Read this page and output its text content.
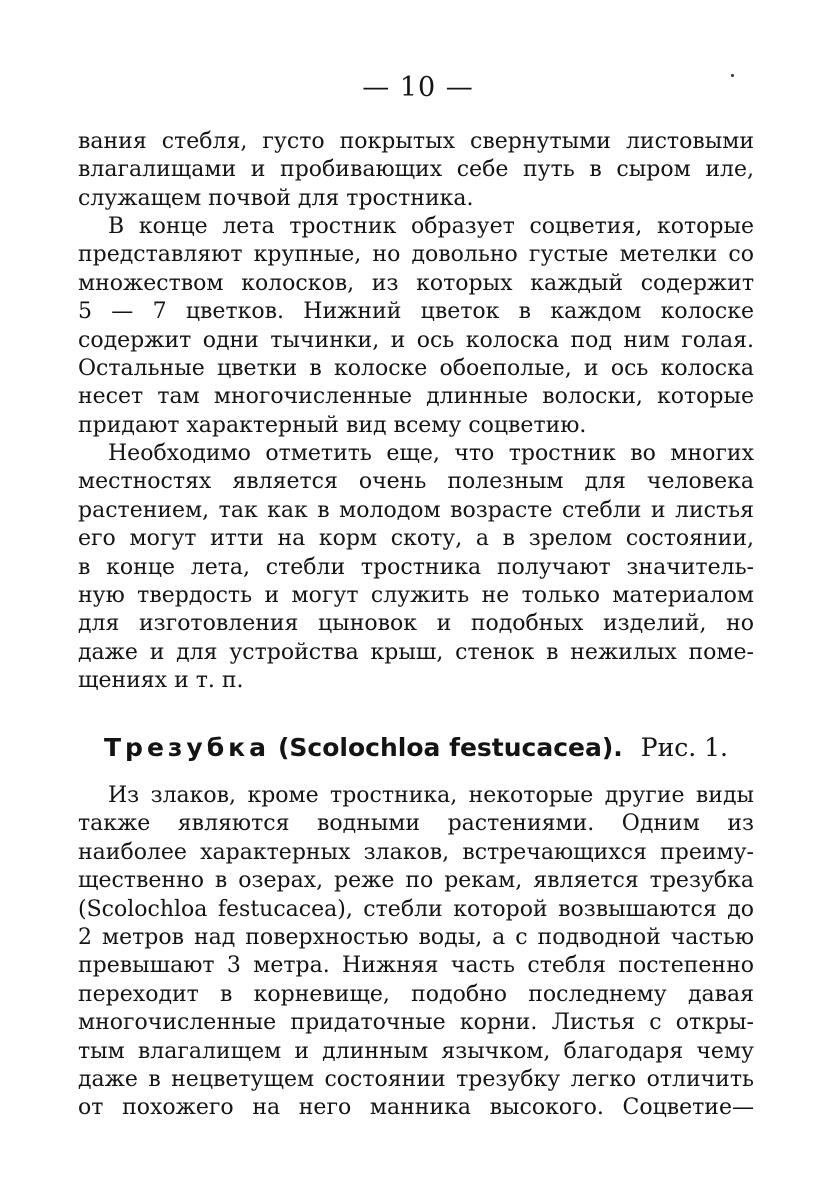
— 10 —
вания стебля, густо покрытых свернутыми листовыми
влагалищами и пробивающих себе путь в сыром иле,
служащем почвой для тростника.
В конце лета тростник образует соцветия, которые
представляют крупные, но довольно густые метелки со
множеством колосков, из которых каждый содержит
5 — 7 цветков. Нижний цветок в каждом колоске
содержит одни тычинки, и ось колоска под ним голая.
Остальные цветки в колоске обоеполые, и ось колоска
несет там многочисленные длинные волоски, которые
придают характерный вид всему соцветию.
Необходимо отметить еще, что тростник во многих
местностях является очень полезным для человека
растением, так как в молодом возрасте стебли и листья
его могут итти на корм скоту, а в зрелом состоянии,
в конце лета, стебли тростника получают значитель-
ную твердость и могут служить не только материалом
для изготовления цыновок и подобных изделий, но
даже и для устройства крыш, стенок в нежилых поме-
щениях и т. п.
Трезубка (Scolochloa festucacea). Рис. 1.
Из злаков, кроме тростника, некоторые другие виды
также являются водными растениями. Одним из
наиболее характерных злаков, встречающихся преиму-
щественно в озерах, реже по рекам, является трезубка
(Scolochloa festucacea), стебли которой возвышаются до
2 метров над поверхностью воды, а с подводной частью
превышают 3 метра. Нижняя часть стебля постепенно
переходит в корневище, подобно последнему давая
многочисленные придаточные корни. Листья с откры-
тым влагалищем и длинным язычком, благодаря чему
даже в нецветущем состоянии трезубку легко отличить
от похожего на него манника высокого. Соцветие—
